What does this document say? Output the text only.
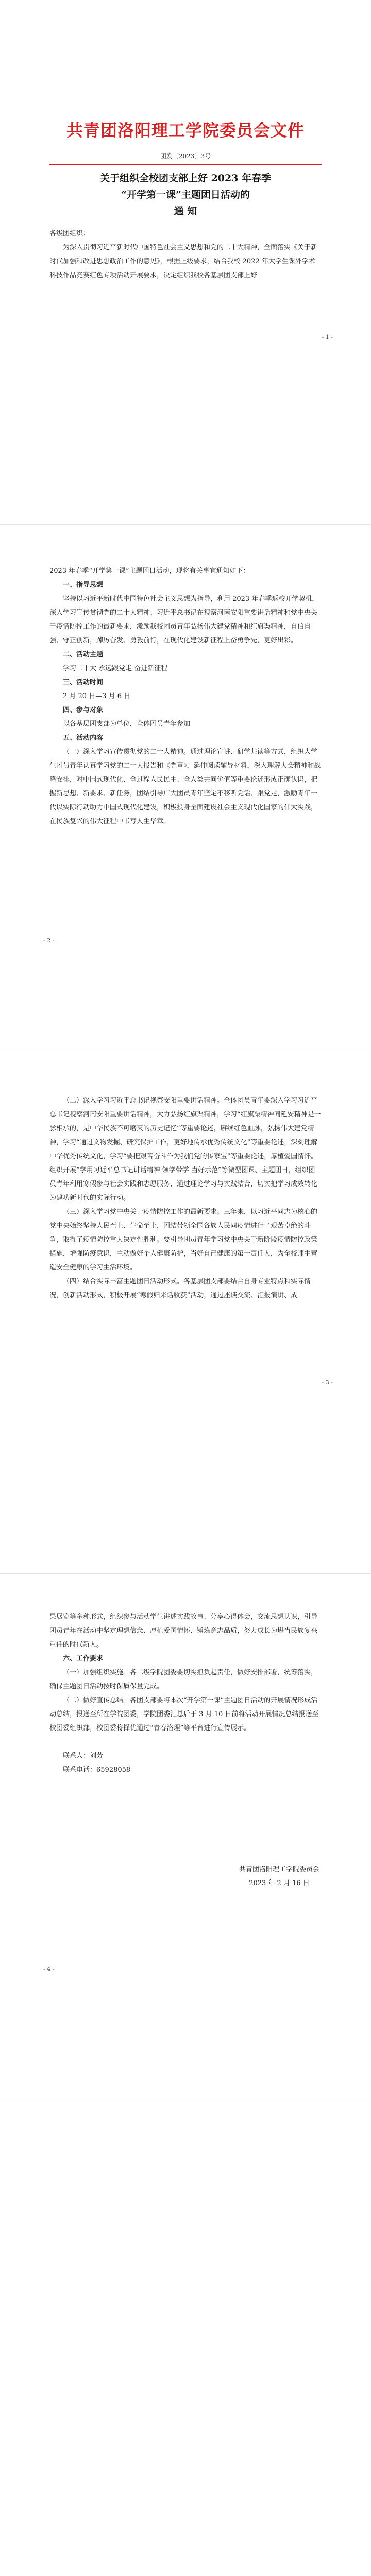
共青团洛阳理工学院委员会文件
团发〔2023〕3号
关于组织全校团支部上好 2023 年春季
“开学第一课”主题团日活动的
通 知

各级团组织：

为深入贯彻习近平新时代中国特色社会主义思想和党的二十大精神，全面落实《关于新时代加强和改进思想政治工作的意见》，根据上级要求，结合我校 2022 年大学生课外学术科技作品竞赛红色专项活动开展要求，决定组织我校各基层团支部上好

- 1 -

2023 年春季“开学第一课”主题团日活动，现将有关事宜通知如下：

一、指导思想

坚持以习近平新时代中国特色社会主义思想为指导，利用 2023 年春季返校开学契机，深入学习宣传贯彻党的二十大精神、习近平总书记在视察河南安阳重要讲话精神和党中央关于疫情防控工作的最新要求，激励我校团员青年弘扬伟大建党精神和红旗渠精神，自信自强、守正创新，踔厉奋发、勇毅前行，在现代化建设新征程上奋勇争先，更好出彩。

二、活动主题

学习二十大 永远跟党走 奋进新征程

三、活动时间

2 月 20 日—3 月 6 日

四、参与对象

以各基层团支部为单位，全体团员青年参加

五、活动内容

（一）深入学习宣传贯彻党的二十大精神。通过理论宣讲、研学共读等方式，组织大学生团员青年认真学习党的二十大报告和《党章》，延伸阅读辅导材料，深入理解大会精神和战略安排，对中国式现代化、全过程人民民主、全人类共同价值等重要论述形成正确认识，把握新思想、新要求、新任务，团结引导广大团员青年坚定不移听党话、跟党走，激励青年一代以实际行动助力中国式现代化建设，积极投身全面建设社会主义现代化国家的伟大实践，在民族复兴的伟大征程中书写人生华章。

- 2 -

（二）深入学习习近平总书记视察安阳重要讲话精神。全体团员青年要深入学习习近平总书记视察河南安阳重要讲话精神，大力弘扬红旗渠精神，学习“红旗渠精神同延安精神是一脉相承的，是中华民族不可磨灭的历史记忆”等重要论述，赓续红色血脉，弘扬伟大建党精神，学习“通过文物发掘、研究保护工作，更好地传承优秀传统文化”等重要论述，深刻理解中华优秀传统文化，学习“要把艰苦奋斗作为我们党的传家宝”等重要论述，厚植爱国情怀。组织开展“学用习近平总书记讲话精神 领学带学 当好示范”等微型团课、主题团日，组织团员青年利用寒假参与社会实践和志愿服务，通过理论学习与实践结合，切实把学习成效转化为建功新时代的实际行动。

（三）深入学习党中央关于疫情防控工作的最新要求。三年来，以习近平同志为核心的党中央始终坚持人民至上、生命至上，团结带领全国各族人民同疫情进行了艰苦卓绝的斗争，取得了疫情防控重大决定性胜利。要引导团员青年学习党中央关于新阶段疫情防控政策措施，增强防疫意识，主动做好个人健康防护，当好自己健康的第一责任人，为全校师生营造安全健康的学习生活环境。

（四）结合实际丰富主题团日活动形式。各基层团支部要结合自身专业特点和实际情况，创新活动形式，积极开展“寒假归来话收获”活动，通过座谈交流、汇报演讲、成

- 3 -

果展览等多种形式，组织参与活动学生讲述实践故事、分享心得体会，交流思想认识，引导团员青年在活动中坚定理想信念、厚植爱国情怀、锤炼意志品质，努力成长为堪当民族复兴重任的时代新人。

六、工作要求

（一）加强组织实施。各二级学院团委要切实担负起责任，做好安排部署，统筹落实，确保主题团日活动按时保质保量完成。

（二）做好宣传总结。各团支部要将本次“开学第一课”主题团日活动的开展情况形成活动总结，报送至所在学院团委，学院团委汇总后于 3 月 10 日前将活动开展情况总结报送至校团委组织部，校团委将择优通过“青春洛理”等平台进行宣传展示。

联系人：刘芳

联系电话：65928058

共青团洛阳理工学院委员会
2023 年 2 月 16 日
- 4 -
